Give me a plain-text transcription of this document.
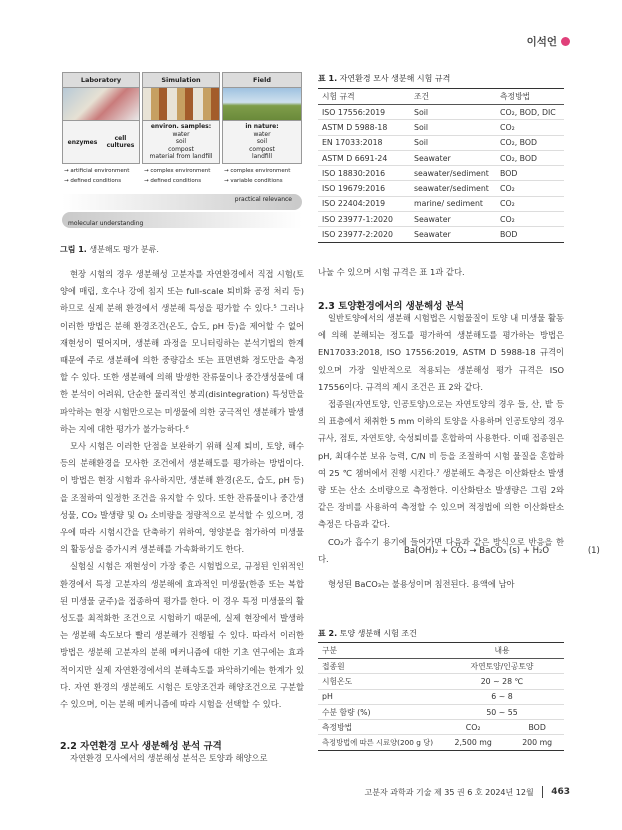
이석언
Laboratory
enzymes
cell
cultures
→ artificial environment
→ defined conditions
Simulation
environ. samples:
water
soil
compost
material from landfill
→ complex environment
→ defined conditions
Field
in nature:
water
soil
compost
landfill
→ complex environment
→ variable conditions
practical relevance
molecular understanding
그림 1. 생분해도 평가 분류.

현장 시험의 경우 생분해성 고분자를 자연환경에서 직접 시험(토양에 매립, 호수나 강에 침지 또는 full-scale 퇴비화 공정 처리 등)하므로 실제 분해 환경에서 생분해 특성을 평가할 수 있다.⁵ 그러나 이러한 방법은 분해 환경조건(온도, 습도, pH 등)을 제어할 수 없어 재현성이 떨어지며, 생분해 과정을 모니터링하는 분석기법의 한계 때문에 주로 생분해에 의한 중량감소 또는 표면변화 정도만을 측정할 수 있다. 또한 생분해에 의해 발생한 잔류물이나 중간생성물에 대한 분석이 어려워, 단순한 물리적인 붕괴(disintegration) 특성만을 파악하는 현장 시험만으로는 미생물에 의한 궁극적인 생분해가 발생하는 지에 대한 평가가 불가능하다.⁶

모사 시험은 이러한 단점을 보완하기 위해 실제 퇴비, 토양, 해수 등의 분해환경을 모사한 조건에서 생분해도를 평가하는 방법이다. 이 방법은 현장 시험과 유사하지만, 생분해 환경(온도, 습도, pH 등)을 조절하여 일정한 조건을 유지할 수 있다. 또한 잔류물이나 중간생성물, CO₂ 발생량 및 O₂ 소비량을 정량적으로 분석할 수 있으며, 경우에 따라 시험시간을 단축하기 위하여, 영양분을 첨가하여 미생물의 활동성을 증가시켜 생분해를 가속화하기도 한다.

실험실 시험은 재현성이 가장 좋은 시험법으로, 규정된 인위적인 환경에서 특정 고분자의 생분해에 효과적인 미생물(한종 또는 복합된 미생물 균주)을 접종하여 평가를 한다. 이 경우 특정 미생물의 활성도를 최적화한 조건으로 시험하기 때문에, 실제 현장에서 발생하는 생분해 속도보다 빨리 생분해가 진행될 수 있다. 따라서 이러한 방법은 생분해 고분자의 분해 메커니즘에 대한 기초 연구에는 효과적이지만 실제 자연환경에서의 분해속도를 파악하기에는 한계가 있다. 자연 환경의 생분해도 시험은 토양조건과 해양조건으로 구분할 수 있으며, 이는 분해 메커니즘에 따라 시험을 선택할 수 있다.

2.2 자연환경 모사 생분해성 분석 규격

자연환경 모사에서의 생분해성 분석은 토양과 해양으로

표 1. 자연환경 모사 생분해 시험 규격
시험 규격	조건	측정방법
ISO 17556:2019	Soil	CO₂, BOD, DIC
ASTM D 5988-18	Soil	CO₂
EN 17033:2018	Soil	CO₂, BOD
ASTM D 6691-24	Seawater	CO₂, BOD
ISO 18830:2016	seawater/sediment	BOD
ISO 19679:2016	seawater/sediment	CO₂
ISO 22404:2019	marine/ sediment	CO₂
ISO 23977-1:2020	Seawater	CO₂
ISO 23977-2:2020	Seawater	BOD

나눌 수 있으며 시험 규격은 표 1과 같다.

2.3 토양환경에서의 생분해성 분석

일반토양에서의 생분해 시험법은 시험물질이 토양 내 미생물 활동에 의해 분해되는 정도를 평가하여 생분해도를 평가하는 방법은 EN17033:2018, ISO 17556:2019, ASTM D 5988-18 규격이 있으며 가장 일반적으로 적용되는 생분해성 평가 규격은 ISO 17556이다. 규격의 제시 조건은 표 2와 같다.

접종원(자연토양, 인공토양)으로는 자연토양의 경우 들, 산, 밭 등의 표층에서 채취한 5 mm 이하의 토양을 사용하며 인공토양의 경우 규사, 점토, 자연토양, 숙성퇴비를 혼합하여 사용한다. 이때 접종원은 pH, 최대수분 보유 능력, C/N 비 등을 조절하여 시험 물질을 혼합하여 25 ℃ 챔버에서 진행 시킨다.⁷ 생분해도 측정은 이산화탄소 발생량 또는 산소 소비량으로 측정한다. 이산화탄소 발생량은 그림 2와 같은 장비를 사용하여 측정할 수 있으며 적정법에 의한 이산화탄소 측정은 다음과 같다.

CO₂가 흡수기 용기에 들어가면 다음과 같은 방식으로 반응을 한다.

Ba(OH)₂ + CO₂ → BaCO₃ (s) + H₂O	(1)

형성된 BaCO₃는 불용성이며 침전된다. 용액에 남아

표 2. 토양 생분해 시험 조건
구분	내용	
접종원	자연토양/인공토양	
시험온도	20 ~ 28 ℃	
pH	6 ~ 8	
수분 함량 (%)	50 ~ 55	
측정방법	CO₂	BOD
측정방법에 따른 시료양(200 g 당)	2,500 mg	200 mg
고분자 과학과 기술 제 35 권 6 호 2024년 12월 463
